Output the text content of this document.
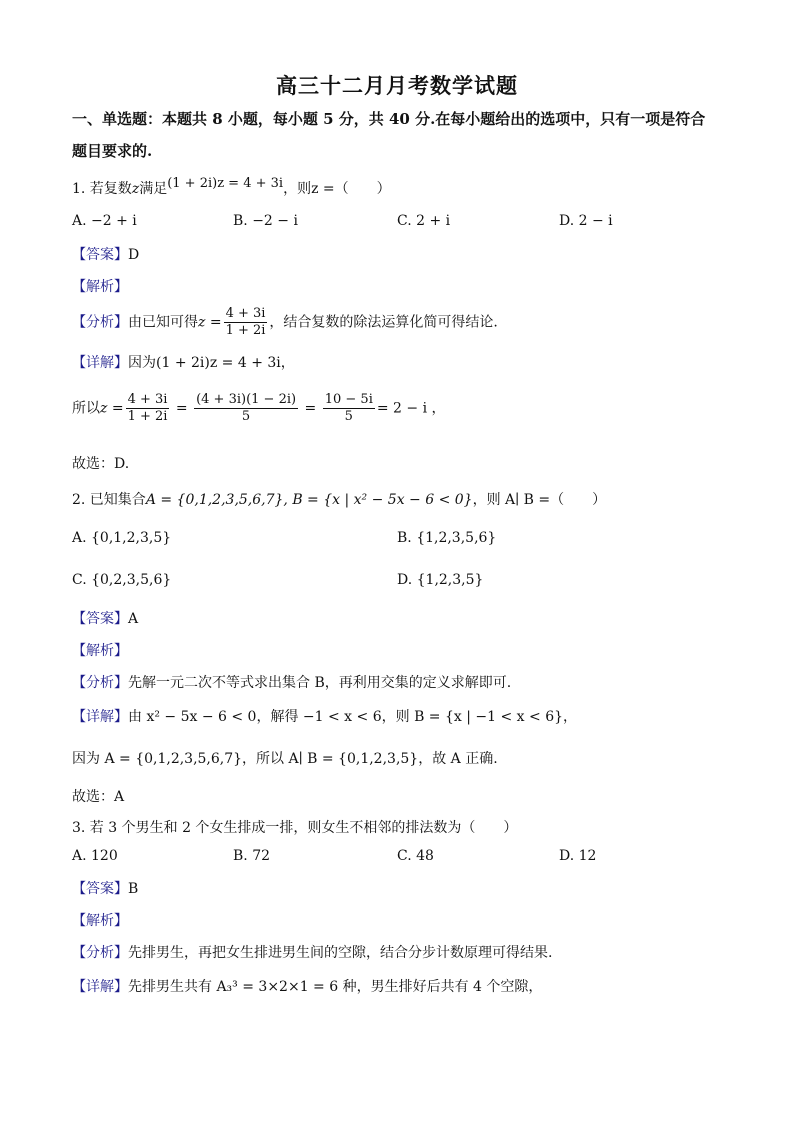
高三十二月月考数学试题
一、单选题：本题共 8 小题，每小题 5 分，共 40 分.在每小题给出的选项中，只有一项是符合
题目要求的.
1. 若复数z满足(1 + 2i)z = 4 + 3i，则z =（　　）
A. −2 + i	B. −2 − i	C. 2 + i	D. 2 − i
【答案】D
【解析】
【分析】由已知可得$z = \frac{4 + 3i}{1 + 2i}$ ，结合复数的除法运算化简可得结论.
【详解】因为(1 + 2i)z = 4 + 3i，
所以$z = \frac{4 + 3i}{1 + 2i} = \frac{(4 + 3i)(1 - 2i)}{5} = \frac{10 - 5i}{5} = 2 - i$ ，
故选：D.
2. 已知集合A = {0,1,2,3,5,6,7}, B = {x | x² − 5x − 6 < 0}，则 A∣ B =（　　）
A. {0,1,2,3,5}	B. {1,2,3,5,6}
C. {0,2,3,5,6}	D. {1,2,3,5}
【答案】A
【解析】
【分析】先解一元二次不等式求出集合 B，再利用交集的定义求解即可.
【详解】由 x² − 5x − 6 < 0，解得 −1 < x < 6，则 B = {x | −1 < x < 6}，
因为 A = {0,1,2,3,5,6,7}，所以 A∣ B = {0,1,2,3,5}，故 A 正确.
故选：A
3. 若 3 个男生和 2 个女生排成一排，则女生不相邻的排法数为（　　）
A. 120	B. 72	C. 48	D. 12
【答案】B
【解析】
【分析】先排男生，再把女生排进男生间的空隙，结合分步计数原理可得结果.
【详解】先排男生共有 A₃³ = 3×2×1 = 6 种，男生排好后共有 4 个空隙，
